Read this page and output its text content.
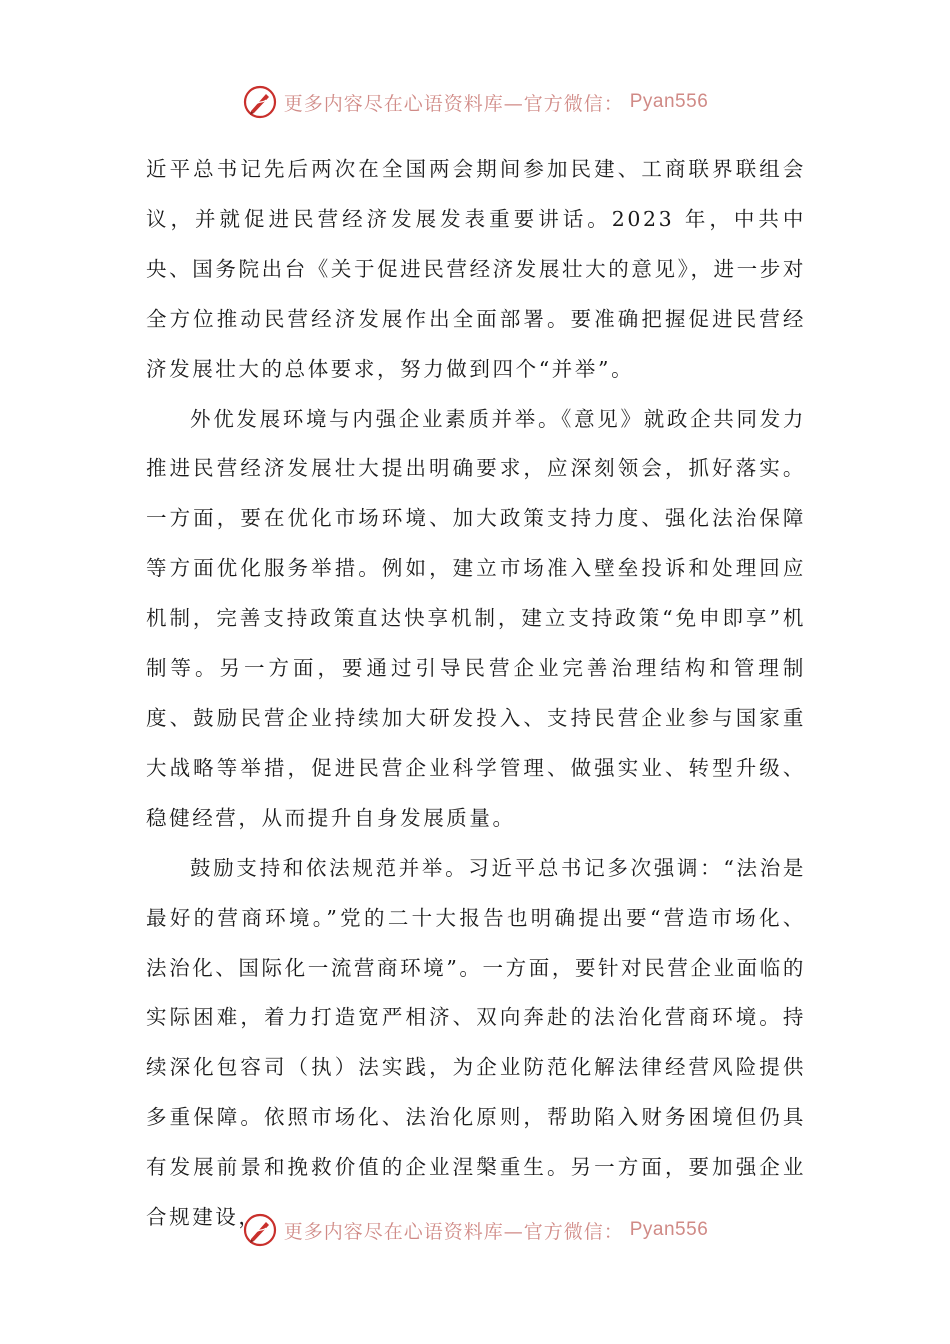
更多内容尽在心语资料库—官方微信： Pyan556

近平总书记先后两次在全国两会期间参加民建、工商联界联组会议，并就促进民营经济发展发表重要讲话。2023 年，中共中央、国务院出台《关于促进民营经济发展壮大的意见》，进一步对全方位推动民营经济发展作出全面部署。要准确把握促进民营经济发展壮大的总体要求，努力做到四个“并举”。

外优发展环境与内强企业素质并举。《意见》就政企共同发力推进民营经济发展壮大提出明确要求，应深刻领会，抓好落实。一方面，要在优化市场环境、加大政策支持力度、强化法治保障等方面优化服务举措。例如，建立市场准入壁垒投诉和处理回应机制，完善支持政策直达快享机制，建立支持政策“免申即享”机制等。另一方面，要通过引导民营企业完善治理结构和管理制度、鼓励民营企业持续加大研发投入、支持民营企业参与国家重大战略等举措，促进民营企业科学管理、做强实业、转型升级、稳健经营，从而提升自身发展质量。

鼓励支持和依法规范并举。习近平总书记多次强调：“法治是最好的营商环境。”党的二十大报告也明确提出要“营造市场化、法治化、国际化一流营商环境”。一方面，要针对民营企业面临的实际困难，着力打造宽严相济、双向奔赴的法治化营商环境。持续深化包容司（执）法实践，为企业防范化解法律经营风险提供多重保障。依照市场化、法治化原则，帮助陷入财务困境但仍具有发展前景和挽救价值的企业涅槃重生。另一方面，要加强企业合规建设，

更多内容尽在心语资料库—官方微信： Pyan556
